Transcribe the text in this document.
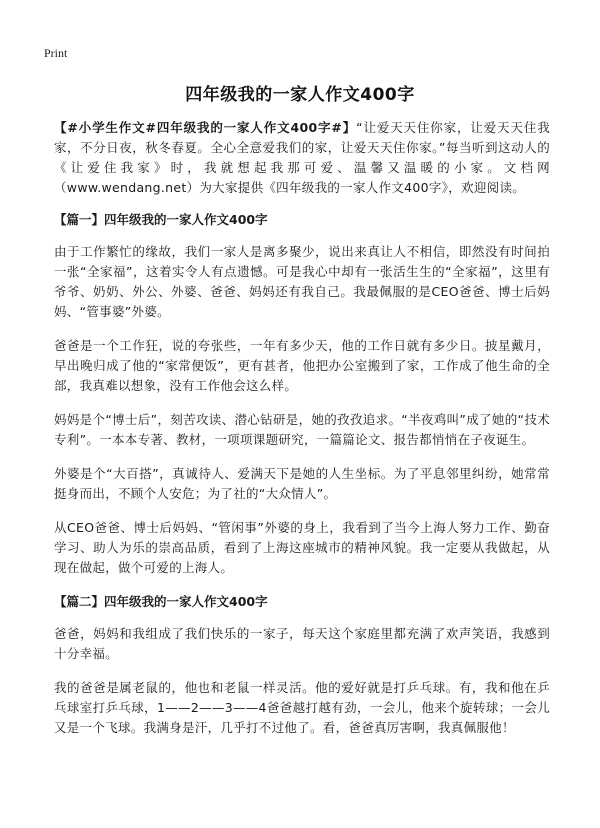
Print
四年级我的一家人作文400字

【#小学生作文#四年级我的一家人作文400字#】“让爱天天住你家，让爱天天住我家，不分日夜，秋冬春夏。全心全意爱我们的家，让爱天天住你家。”每当听到这动人的《让爱住我家》时，我就想起我那可爱、温馨又温暖的小家。文档网（www.wendang.net）为大家提供《四年级我的一家人作文400字》，欢迎阅读。

【篇一】四年级我的一家人作文400字

由于工作繁忙的缘故，我们一家人是离多聚少，说出来真让人不相信，即然没有时间拍一张“全家福”，这着实令人有点遗憾。可是我心中却有一张活生生的“全家福”，这里有爷爷、奶奶、外公、外婆、爸爸、妈妈还有我自己。我最佩服的是CEO爸爸、博士后妈妈、“管事婆”外婆。

爸爸是一个工作狂，说的夸张些，一年有多少天，他的工作日就有多少日。披星戴月，早出晚归成了他的“家常便饭”，更有甚者，他把办公室搬到了家，工作成了他生命的全部，我真难以想象，没有工作他会这么样。

妈妈是个“博士后”，刻苦攻读、潜心钻研是，她的孜孜追求。“半夜鸡叫”成了她的“技术专利”。一本本专著、教材，一项项课题研究，一篇篇论文、报告都悄悄在子夜诞生。

外婆是个“大百搭”，真诚待人、爱满天下是她的人生坐标。为了平息邻里纠纷，她常常挺身而出，不顾个人安危；为了社的“大众情人”。

从CEO爸爸、博士后妈妈、“管闲事”外婆的身上，我看到了当今上海人努力工作、勤奋学习、助人为乐的崇高品质，看到了上海这座城市的精神风貌。我一定要从我做起，从现在做起，做个可爱的上海人。

【篇二】四年级我的一家人作文400字

爸爸，妈妈和我组成了我们快乐的一家子，每天这个家庭里都充满了欢声笑语，我感到十分幸福。

我的爸爸是属老鼠的，他也和老鼠一样灵活。他的爱好就是打乒乓球。有，我和他在乒乓球室打乒乓球，1——2——3——4爸爸越打越有劲，一会儿，他来个旋转球；一会儿又是一个飞球。我满身是汗，几乎打不过他了。看，爸爸真厉害啊，我真佩服他！
